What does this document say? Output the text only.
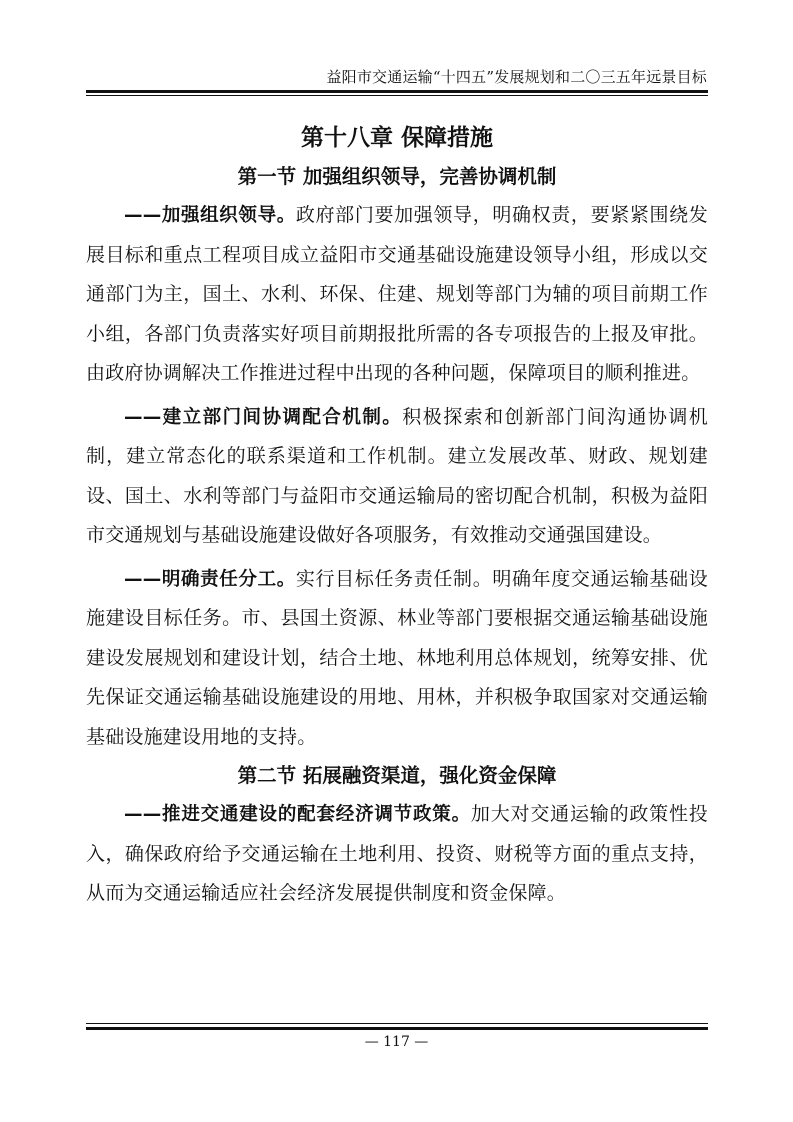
益阳市交通运输“十四五”发展规划和二〇三五年远景目标
第十八章 保障措施
第一节 加强组织领导，完善协调机制

——加强组织领导。政府部门要加强领导，明确权责，要紧紧围绕发展目标和重点工程项目成立益阳市交通基础设施建设领导小组，形成以交通部门为主，国土、水利、环保、住建、规划等部门为辅的项目前期工作小组，各部门负责落实好项目前期报批所需的各专项报告的上报及审批。由政府协调解决工作推进过程中出现的各种问题，保障项目的顺利推进。

——建立部门间协调配合机制。积极探索和创新部门间沟通协调机制，建立常态化的联系渠道和工作机制。建立发展改革、财政、规划建设、国土、水利等部门与益阳市交通运输局的密切配合机制，积极为益阳市交通规划与基础设施建设做好各项服务，有效推动交通强国建设。

——明确责任分工。实行目标任务责任制。明确年度交通运输基础设施建设目标任务。市、县国土资源、林业等部门要根据交通运输基础设施建设发展规划和建设计划，结合土地、林地利用总体规划，统筹安排、优先保证交通运输基础设施建设的用地、用林，并积极争取国家对交通运输基础设施建设用地的支持。

第二节 拓展融资渠道，强化资金保障

——推进交通建设的配套经济调节政策。加大对交通运输的政策性投入，确保政府给予交通运输在土地利用、投资、财税等方面的重点支持，从而为交通运输适应社会经济发展提供制度和资金保障。

— 117 —
